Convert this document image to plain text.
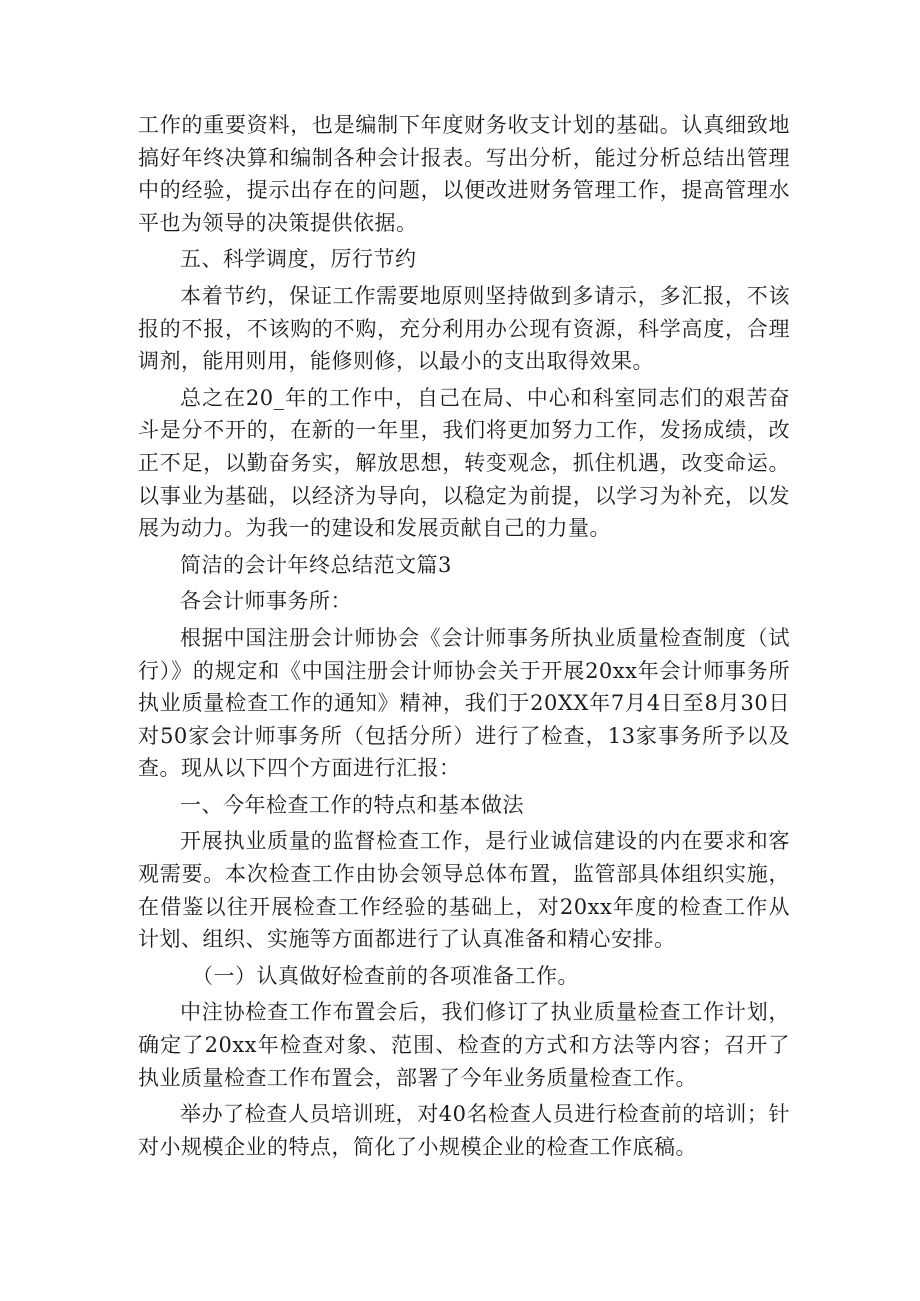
工作的重要资料，也是编制下年度财务收支计划的基础。认真细致地搞好年终决算和编制各种会计报表。写出分析，能过分析总结出管理中的经验，提示出存在的问题，以便改进财务管理工作，提高管理水平也为领导的决策提供依据。

五、科学调度，厉行节约

本着节约，保证工作需要地原则坚持做到多请示，多汇报，不该报的不报，不该购的不购，充分利用办公现有资源，科学高度，合理调剂，能用则用，能修则修，以最小的支出取得效果。

总之在20_年的工作中，自己在局、中心和科室同志们的艰苦奋斗是分不开的，在新的一年里，我们将更加努力工作，发扬成绩，改正不足，以勤奋务实，解放思想，转变观念，抓住机遇，改变命运。以事业为基础，以经济为导向，以稳定为前提，以学习为补充，以发展为动力。为我一的建设和发展贡献自己的力量。

简洁的会计年终总结范文篇3

各会计师事务所：

根据中国注册会计师协会《会计师事务所执业质量检查制度（试行）》的规定和《中国注册会计师协会关于开展20xx年会计师事务所执业质量检查工作的通知》精神，我们于20XX年7月4日至8月30日对50家会计师事务所（包括分所）进行了检查，13家事务所予以及查。现从以下四个方面进行汇报：

一、今年检查工作的特点和基本做法

开展执业质量的监督检查工作，是行业诚信建设的内在要求和客观需要。本次检查工作由协会领导总体布置，监管部具体组织实施，在借鉴以往开展检查工作经验的基础上，对20xx年度的检查工作从计划、组织、实施等方面都进行了认真准备和精心安排。

（一）认真做好检查前的各项准备工作。

中注协检查工作布置会后，我们修订了执业质量检查工作计划，确定了20xx年检查对象、范围、检查的方式和方法等内容；召开了执业质量检查工作布置会，部署了今年业务质量检查工作。

举办了检查人员培训班，对40名检查人员进行检查前的培训；针对小规模企业的特点，简化了小规模企业的检查工作底稿。
